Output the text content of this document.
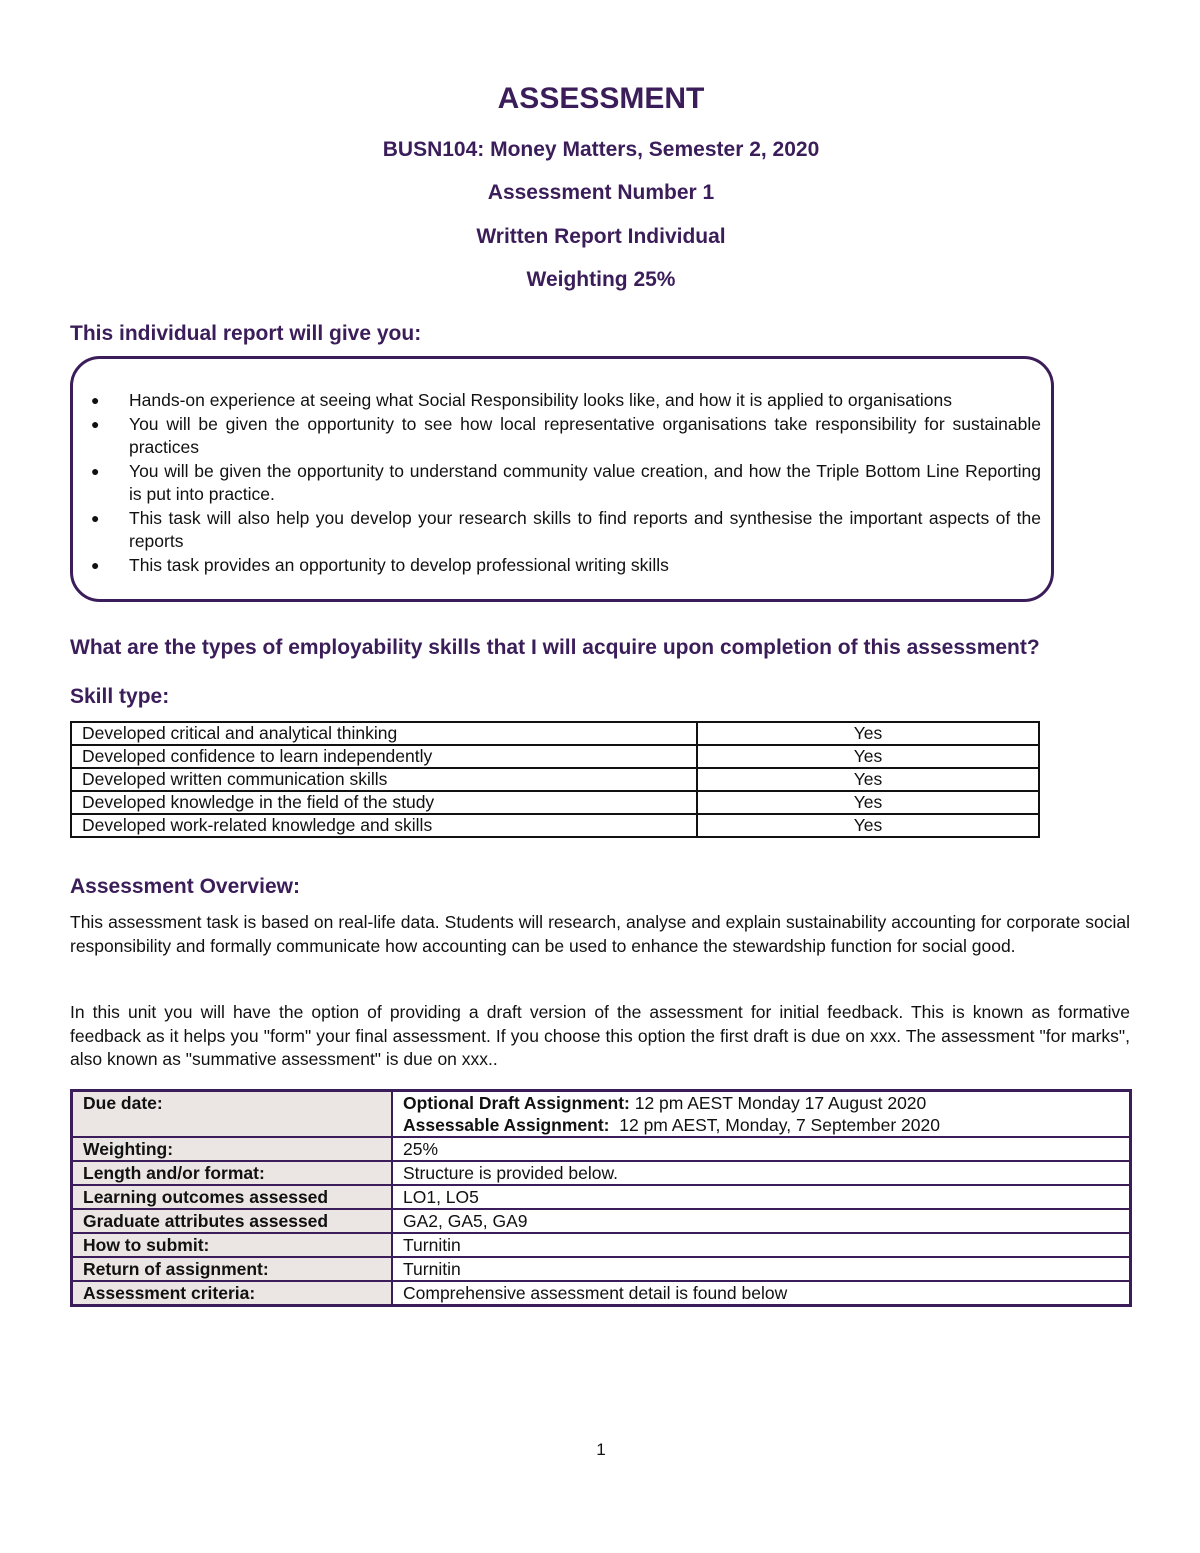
ASSESSMENT
BUSN104: Money Matters, Semester 2, 2020
Assessment Number 1
Written Report Individual
Weighting 25%
This individual report will give you:
● Hands-on experience at seeing what Social Responsibility looks like, and how it is applied to organisations
● You will be given the opportunity to see how local representative organisations take responsibility for sustainable practices
● You will be given the opportunity to understand community value creation, and how the Triple Bottom Line Reporting is put into practice.
● This task will also help you develop your research skills to find reports and synthesise the important aspects of the reports
● This task provides an opportunity to develop professional writing skills
What are the types of employability skills that I will acquire upon completion of this assessment?
Skill type:
Developed critical and analytical thinking	Yes
Developed confidence to learn independently	Yes
Developed written communication skills	Yes
Developed knowledge in the field of the study	Yes
Developed work-related knowledge and skills	Yes
Assessment Overview:
This assessment task is based on real-life data. Students will research, analyse and explain sustainability accounting for corporate social responsibility and formally communicate how accounting can be used to enhance the stewardship function for social good.
In this unit you will have the option of providing a draft version of the assessment for initial feedback. This is known as formative feedback as it helps you "form" your final assessment. If you choose this option the first draft is due on xxx. The assessment "for marks", also known as "summative assessment" is due on xxx..
Due date:	Optional Draft Assignment: 12 pm AEST Monday 17 August 2020
Assessable Assignment:  12 pm AEST, Monday, 7 September 2020

Weighting:	25%
Length and/or format:	Structure is provided below.
Learning outcomes assessed	LO1, LO5
Graduate attributes assessed	GA2, GA5, GA9
How to submit:	Turnitin
Return of assignment:	Turnitin
Assessment criteria:	Comprehensive assessment detail is found below
1
